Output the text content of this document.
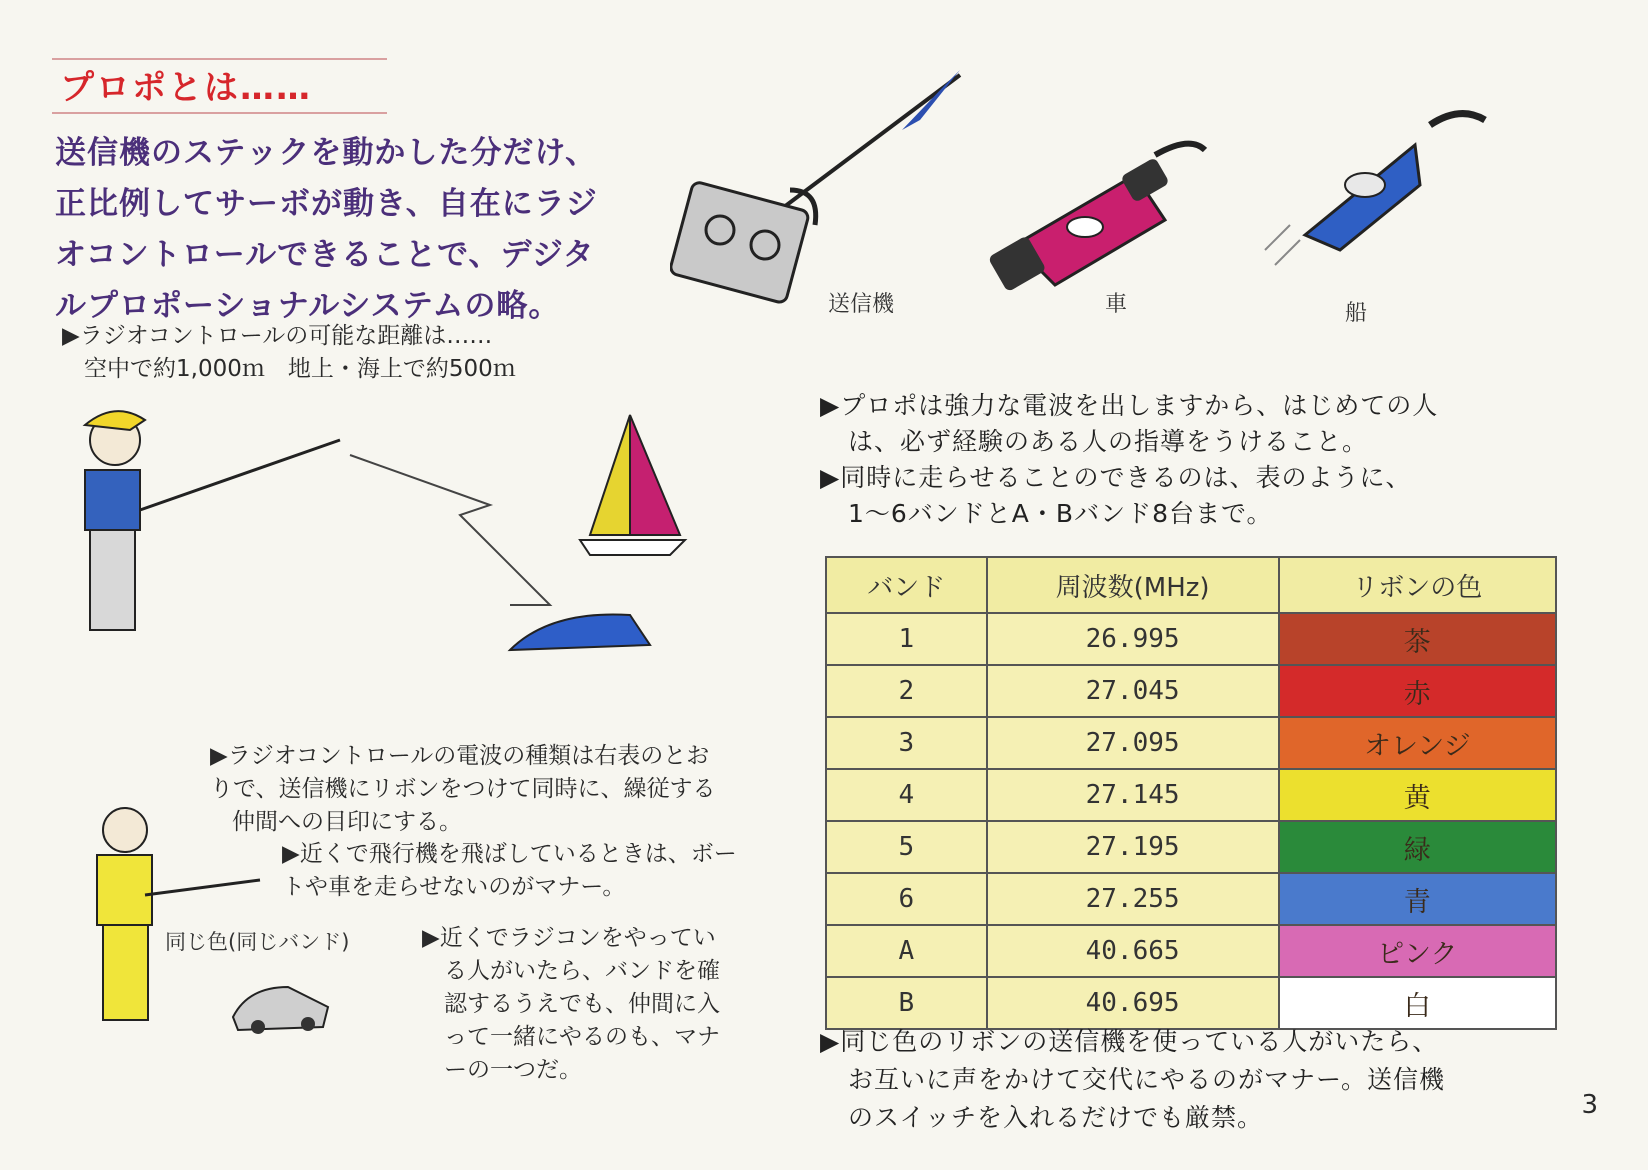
プロポとは……
送信機のステックを動かした分だけ、
正比例してサーボが動き、自在にラジ
オコントロールできることで、デジタ
ルプロポーショナルシステムの略。
▶ラジオコントロールの可能な距離は……
空中で約1,000ｍ　地上・海上で約500ｍ
送信機	車	船
▶ラジオコントロールの電波の種類は右表のとお
りで、送信機にリボンをつけて同時に、繰従する
仲間への目印にする。
▶近くで飛行機を飛ばしているときは、ボー
トや車を走らせないのがマナー。
同じ色(同じバンド)	▶近くでラジコンをやってい
る人がいたら、バンドを確
認するうえでも、仲間に入
って一緒にやるのも、マナ
ーの一つだ。
▶プロポは強力な電波を出しますから、はじめての人
は、必ず経験のある人の指導をうけること。
▶同時に走らせることのできるのは、表のように、
1～6バンドとA・Bバンド8台まで。
バンド	周波数(MHz)	リボンの色
1	26.995	茶
2	27.045	赤
3	27.095	オレンジ
4	27.145	黄
5	27.195	緑
6	27.255	青
A	40.665	ピンク
B	40.695	白
▶同じ色のリボンの送信機を使っている人がいたら、
お互いに声をかけて交代にやるのがマナー。送信機
のスイッチを入れるだけでも厳禁。	3
